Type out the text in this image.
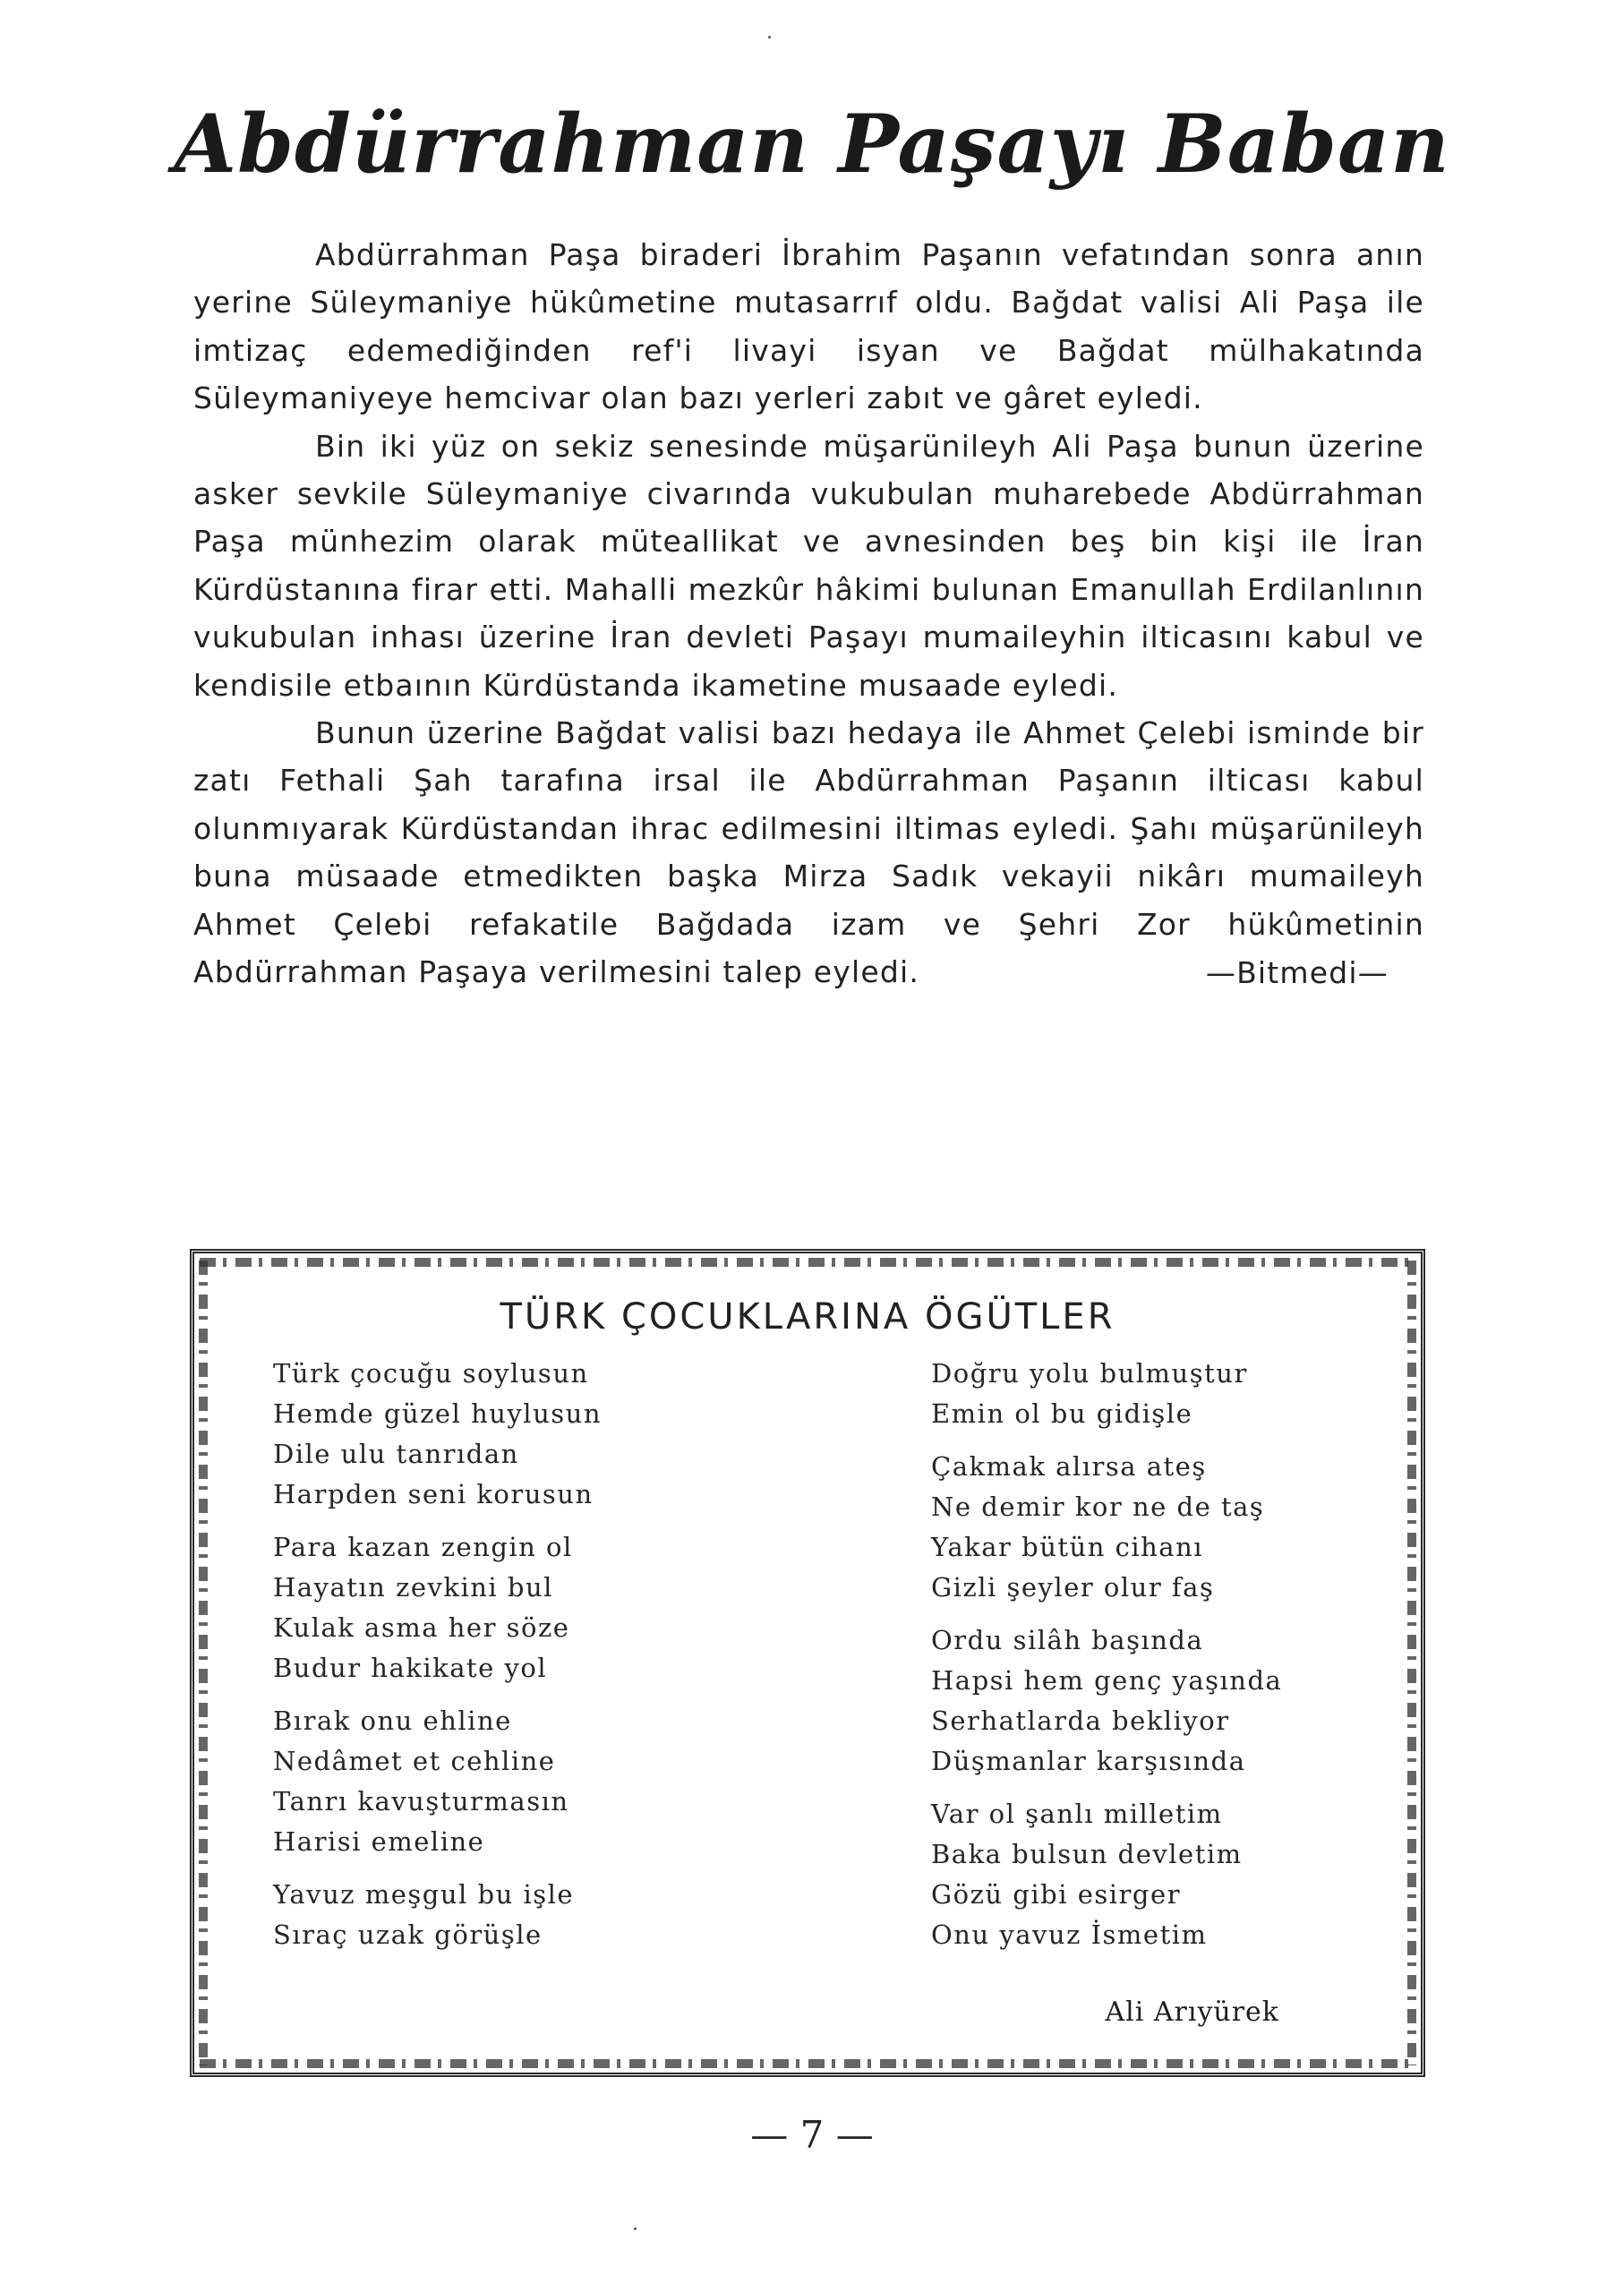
Abdürrahman Paşayı Baban

Abdürrahman Paşa biraderi İbrahim Paşanın vefatından sonra anın yerine Süleymaniye hükûmetine mutasarrıf oldu. Bağdat valisi Ali Paşa ile imtizaç edemediğinden ref'i livayi isyan ve Bağdat mülhakatında Süleymaniyeye hemcivar olan bazı yerleri zabıt ve gâret eyledi.

Bin iki yüz on sekiz senesinde müşarünileyh Ali Paşa bunun üzerine asker sevkile Süleymaniye civarında vukubulan muharebede Abdürrahman Paşa münhezim olarak müteallikat ve avnesinden beş bin kişi ile İran Kürdüstanına firar etti. Mahalli mezkûr hâkimi bulunan Emanullah Erdilanlının vukubulan inhası üzerine İran devleti Paşayı mumaileyhin ilticasını kabul ve kendisile etbaının Kürdüstanda ikametine musaade eyledi.

Bunun üzerine Bağdat valisi bazı hedaya ile Ahmet Çelebi isminde bir zatı Fethali Şah tarafına irsal ile Abdürrahman Paşanın ilticası kabul olunmıyarak Kürdüstandan ihrac edilmesini iltimas eyledi. Şahı müşarünileyh buna müsaade etmedikten başka Mirza Sadık vekayii nikârı mumaileyh Ahmet Çelebi refakatile Bağdada izam ve Şehri Zor hükûmetinin Abdürrahman Paşaya verilmesini talep eyledi.	—Bitmedi—
TÜRK ÇOCUKLARINA ÖGÜTLER
Türk çocuğu soylusun
Hemde güzel huylusun
Dile ulu tanrıdan
Harpden seni korusun
Para kazan zengin ol
Hayatın zevkini bul
Kulak asma her söze
Budur hakikate yol
Bırak onu ehline
Nedâmet et cehline
Tanrı kavuşturmasın
Harisi emeline
Yavuz meşgul bu işle
Sıraç uzak görüşle
Doğru yolu bulmuştur
Emin ol bu gidişle
Çakmak alırsa ateş
Ne demir kor ne de taş
Yakar bütün cihanı
Gizli şeyler olur faş
Ordu silâh başında
Hapsi hem genç yaşında
Serhatlarda bekliyor
Düşmanlar karşısında
Var ol şanlı milletim
Baka bulsun devletim
Gözü gibi esirger
Onu yavuz İsmetim
Ali Arıyürek
— 7 —
